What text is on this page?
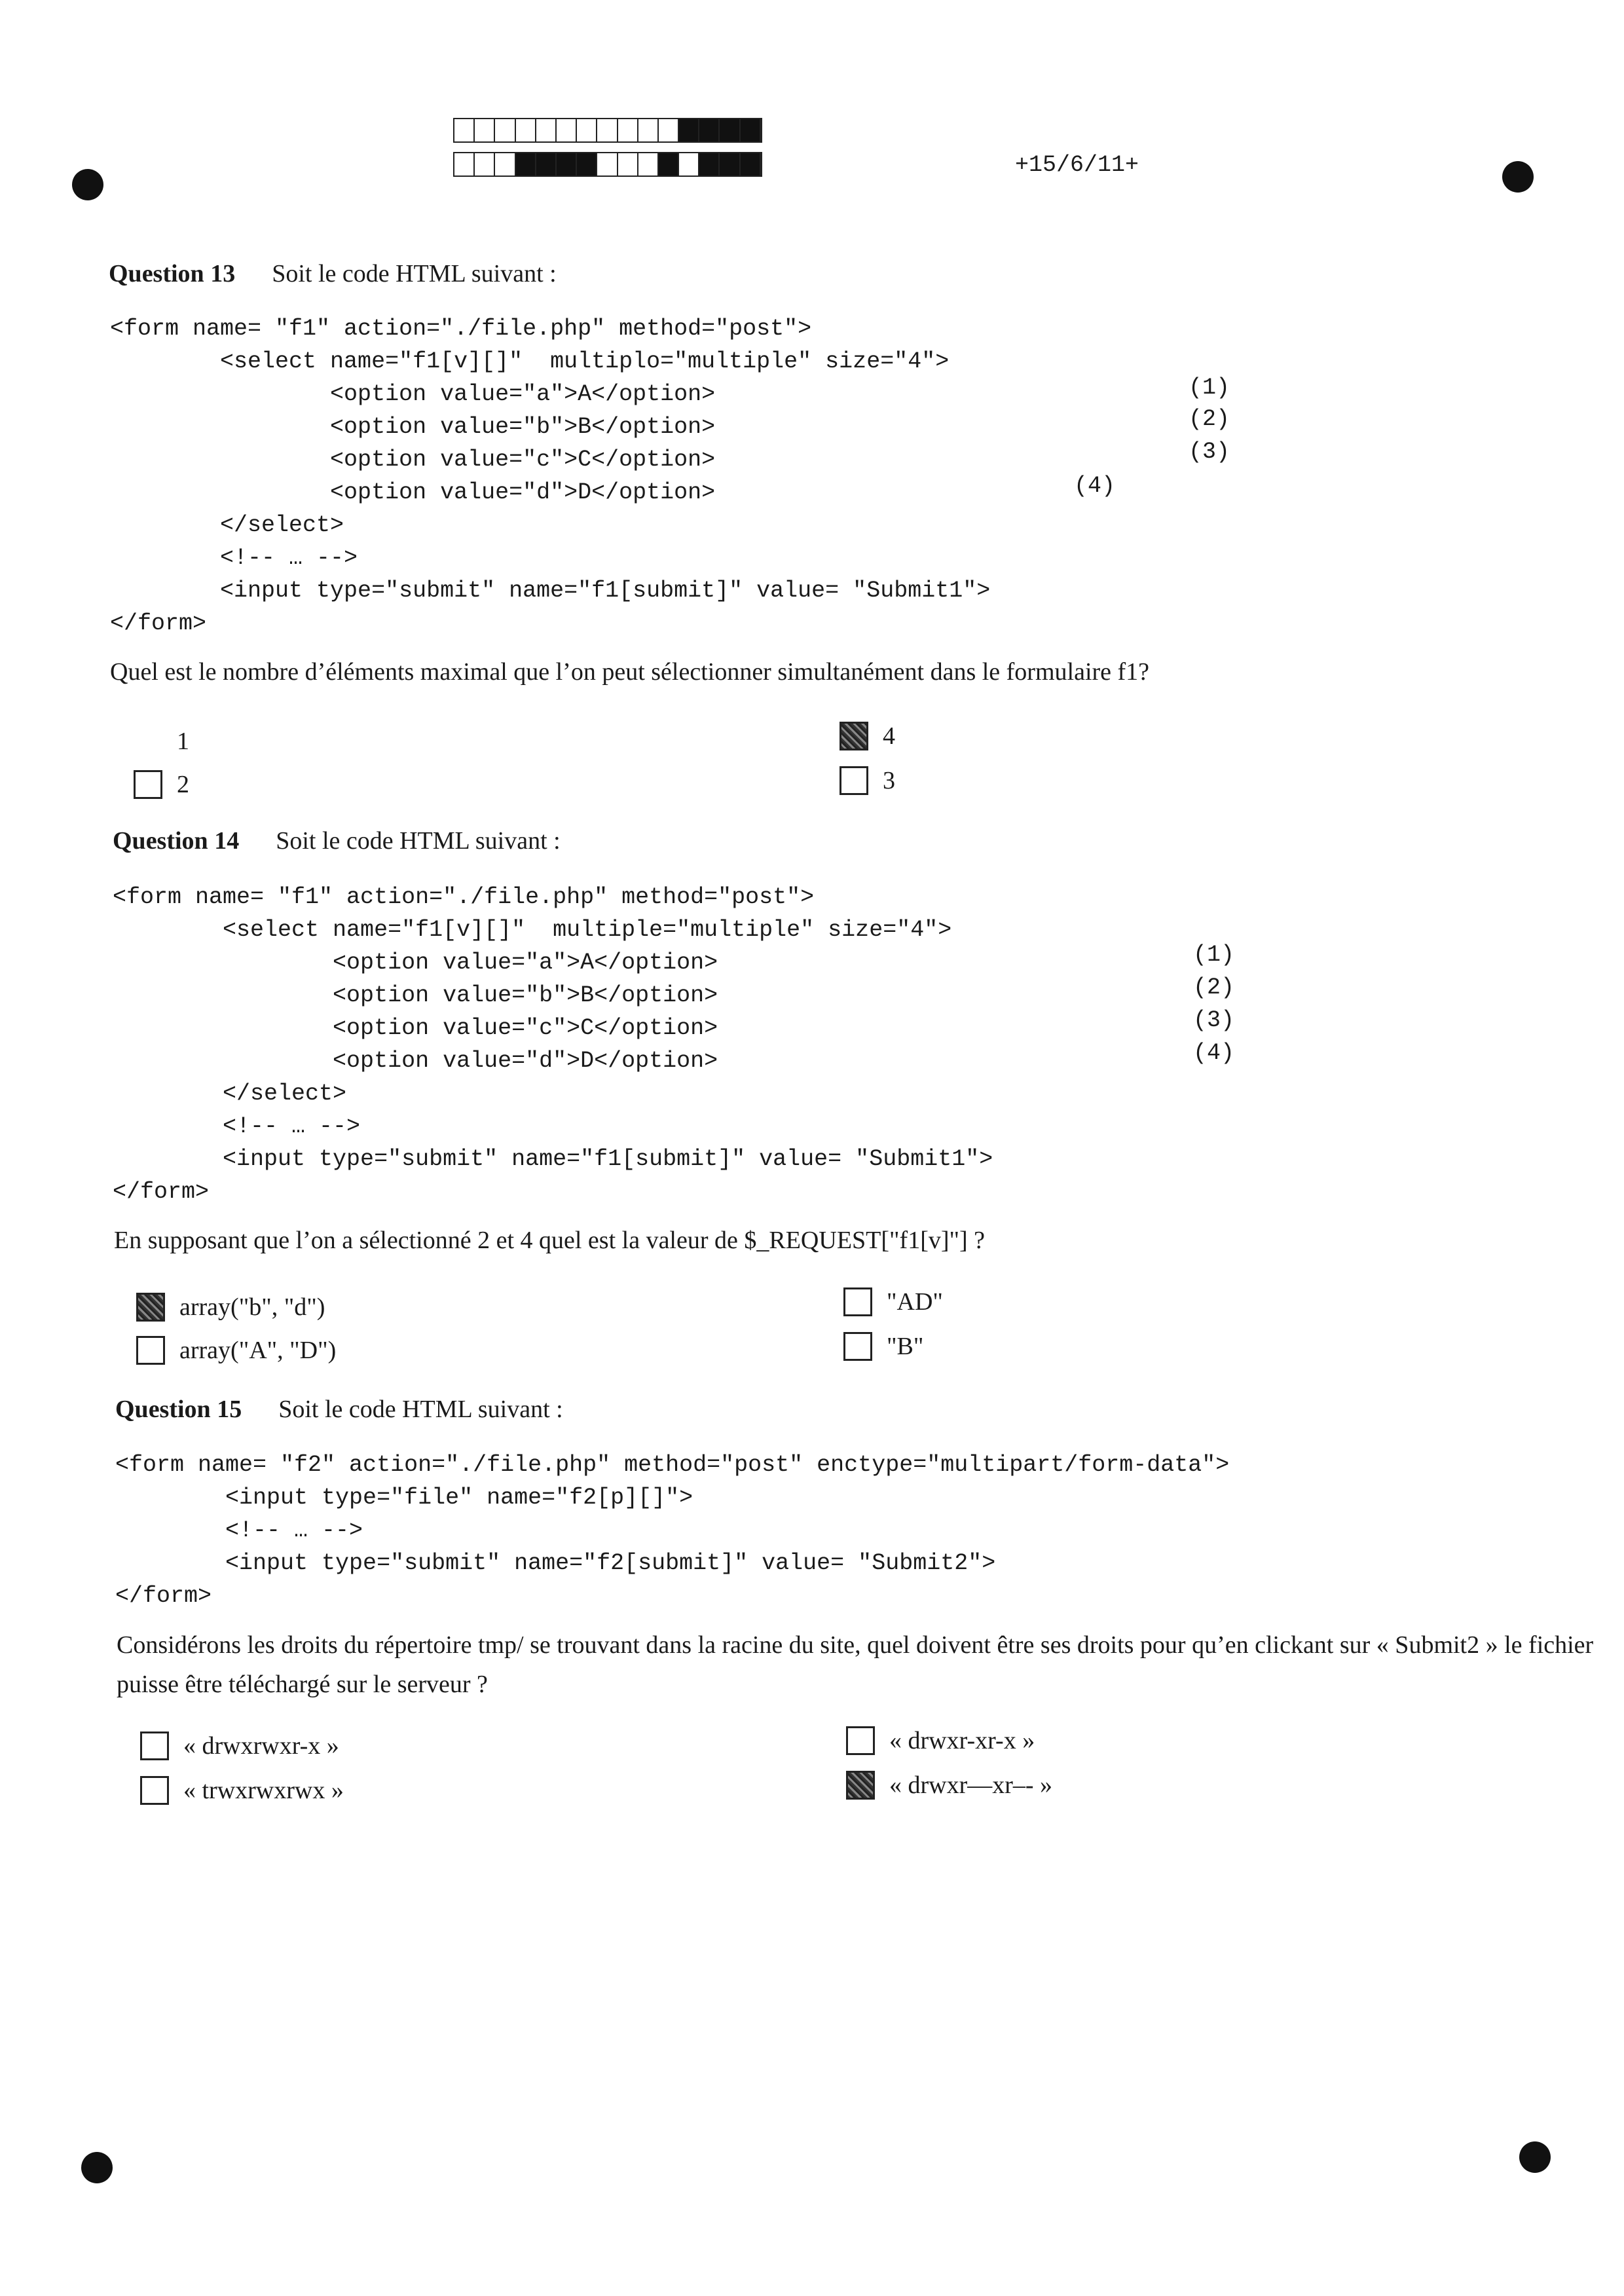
+15/6/11+
Question 13 Soit le code HTML suivant :
<form name= "f1" action="./file.php" method="post">
<select name="f1[v][]"  multiplo="multiple" size="4">
<option value="a">A</option>
<option value="b">B</option>
<option value="c">C</option>
<option value="d">D</option>
</select>
<!-- … -->
<input type="submit" name="f1[submit]" value= "Submit1">
</form>
(1)
(2)
(3)
(4)
Quel est le nombre d’éléments maximal que l’on peut sélectionner simultanément dans le formulaire f1?
1
2
4
3
Question 14 Soit le code HTML suivant :
<form name= "f1" action="./file.php" method="post">
<select name="f1[v][]"  multiple="multiple" size="4">
<option value="a">A</option>
<option value="b">B</option>
<option value="c">C</option>
<option value="d">D</option>
</select>
<!-- … -->
<input type="submit" name="f1[submit]" value= "Submit1">
</form>
(1)
(2)
(3)
(4)
En supposant que l’on a sélectionné 2 et 4 quel est la valeur de $_REQUEST["f1[v]"] ?
array("b", "d")
array("A", "D")
"AD"
"B"
Question 15 Soit le code HTML suivant :
<form name= "f2" action="./file.php" method="post" enctype="multipart/form-data">
<input type="file" name="f2[p][]">
<!-- … -->
<input type="submit" name="f2[submit]" value= "Submit2">
</form>
Considérons les droits du répertoire tmp/ se trouvant dans la racine du site, quel doivent être ses droits pour qu’en clickant sur « Submit2 » le fichier puisse être téléchargé sur le serveur ?
« drwxrwxr-x »
« trwxrwxrwx »
« drwxr-xr-x »
« drwxr—xr–- »
